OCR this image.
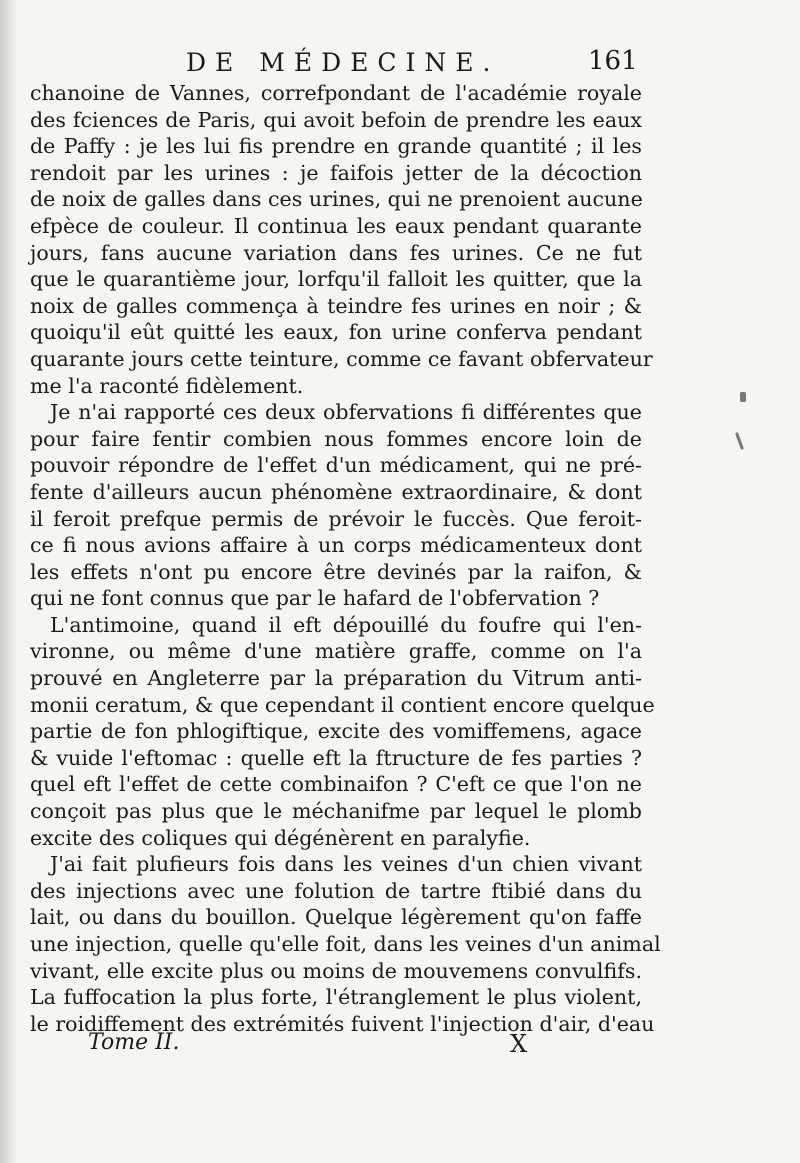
DE MÉDECINE.	161
chanoine de Vannes, correfpondant de l'académie royale
des fciences de Paris, qui avoit befoin de prendre les eaux
de Paffy : je les lui fis prendre en grande quantité ; il les
rendoit par les urines : je faifois jetter de la décoction
de noix de galles dans ces urines, qui ne prenoient aucune
efpèce de couleur. Il continua les eaux pendant quarante
jours, fans aucune variation dans fes urines. Ce ne fut
que le quarantième jour, lorfqu'il falloit les quitter, que la
noix de galles commença à teindre fes urines en noir ; &
quoiqu'il eût quitté les eaux, fon urine conferva pendant
quarante jours cette teinture, comme ce favant obfervateur
me l'a raconté fidèlement.
Je n'ai rapporté ces deux obfervations fi différentes que
pour faire fentir combien nous fommes encore loin de
pouvoir répondre de l'effet d'un médicament, qui ne pré-
fente d'ailleurs aucun phénomène extraordinaire, & dont
il feroit prefque permis de prévoir le fuccès. Que feroit-
ce fi nous avions affaire à un corps médicamenteux dont
les effets n'ont pu encore être devinés par la raifon, &
qui ne font connus que par le hafard de l'obfervation ?
L'antimoine, quand il eft dépouillé du foufre qui l'en-
vironne, ou même d'une matière graffe, comme on l'a
prouvé en Angleterre par la préparation du Vitrum anti-
monii ceratum, & que cependant il contient encore quelque
partie de fon phlogiftique, excite des vomiffemens, agace
& vuide l'eftomac : quelle eft la ftructure de fes parties ?
quel eft l'effet de cette combinaifon ? C'eft ce que l'on ne
conçoit pas plus que le méchanifme par lequel le plomb
excite des coliques qui dégénèrent en paralyfie.
J'ai fait plufieurs fois dans les veines d'un chien vivant
des injections avec une folution de tartre ftibié dans du
lait, ou dans du bouillon. Quelque légèrement qu'on faffe
une injection, quelle qu'elle foit, dans les veines d'un animal
vivant, elle excite plus ou moins de mouvemens convulfifs.
La fuffocation la plus forte, l'étranglement le plus violent,
le roidiffement des extrémités fuivent l'injection d'air, d'eau
Tome II.	X
